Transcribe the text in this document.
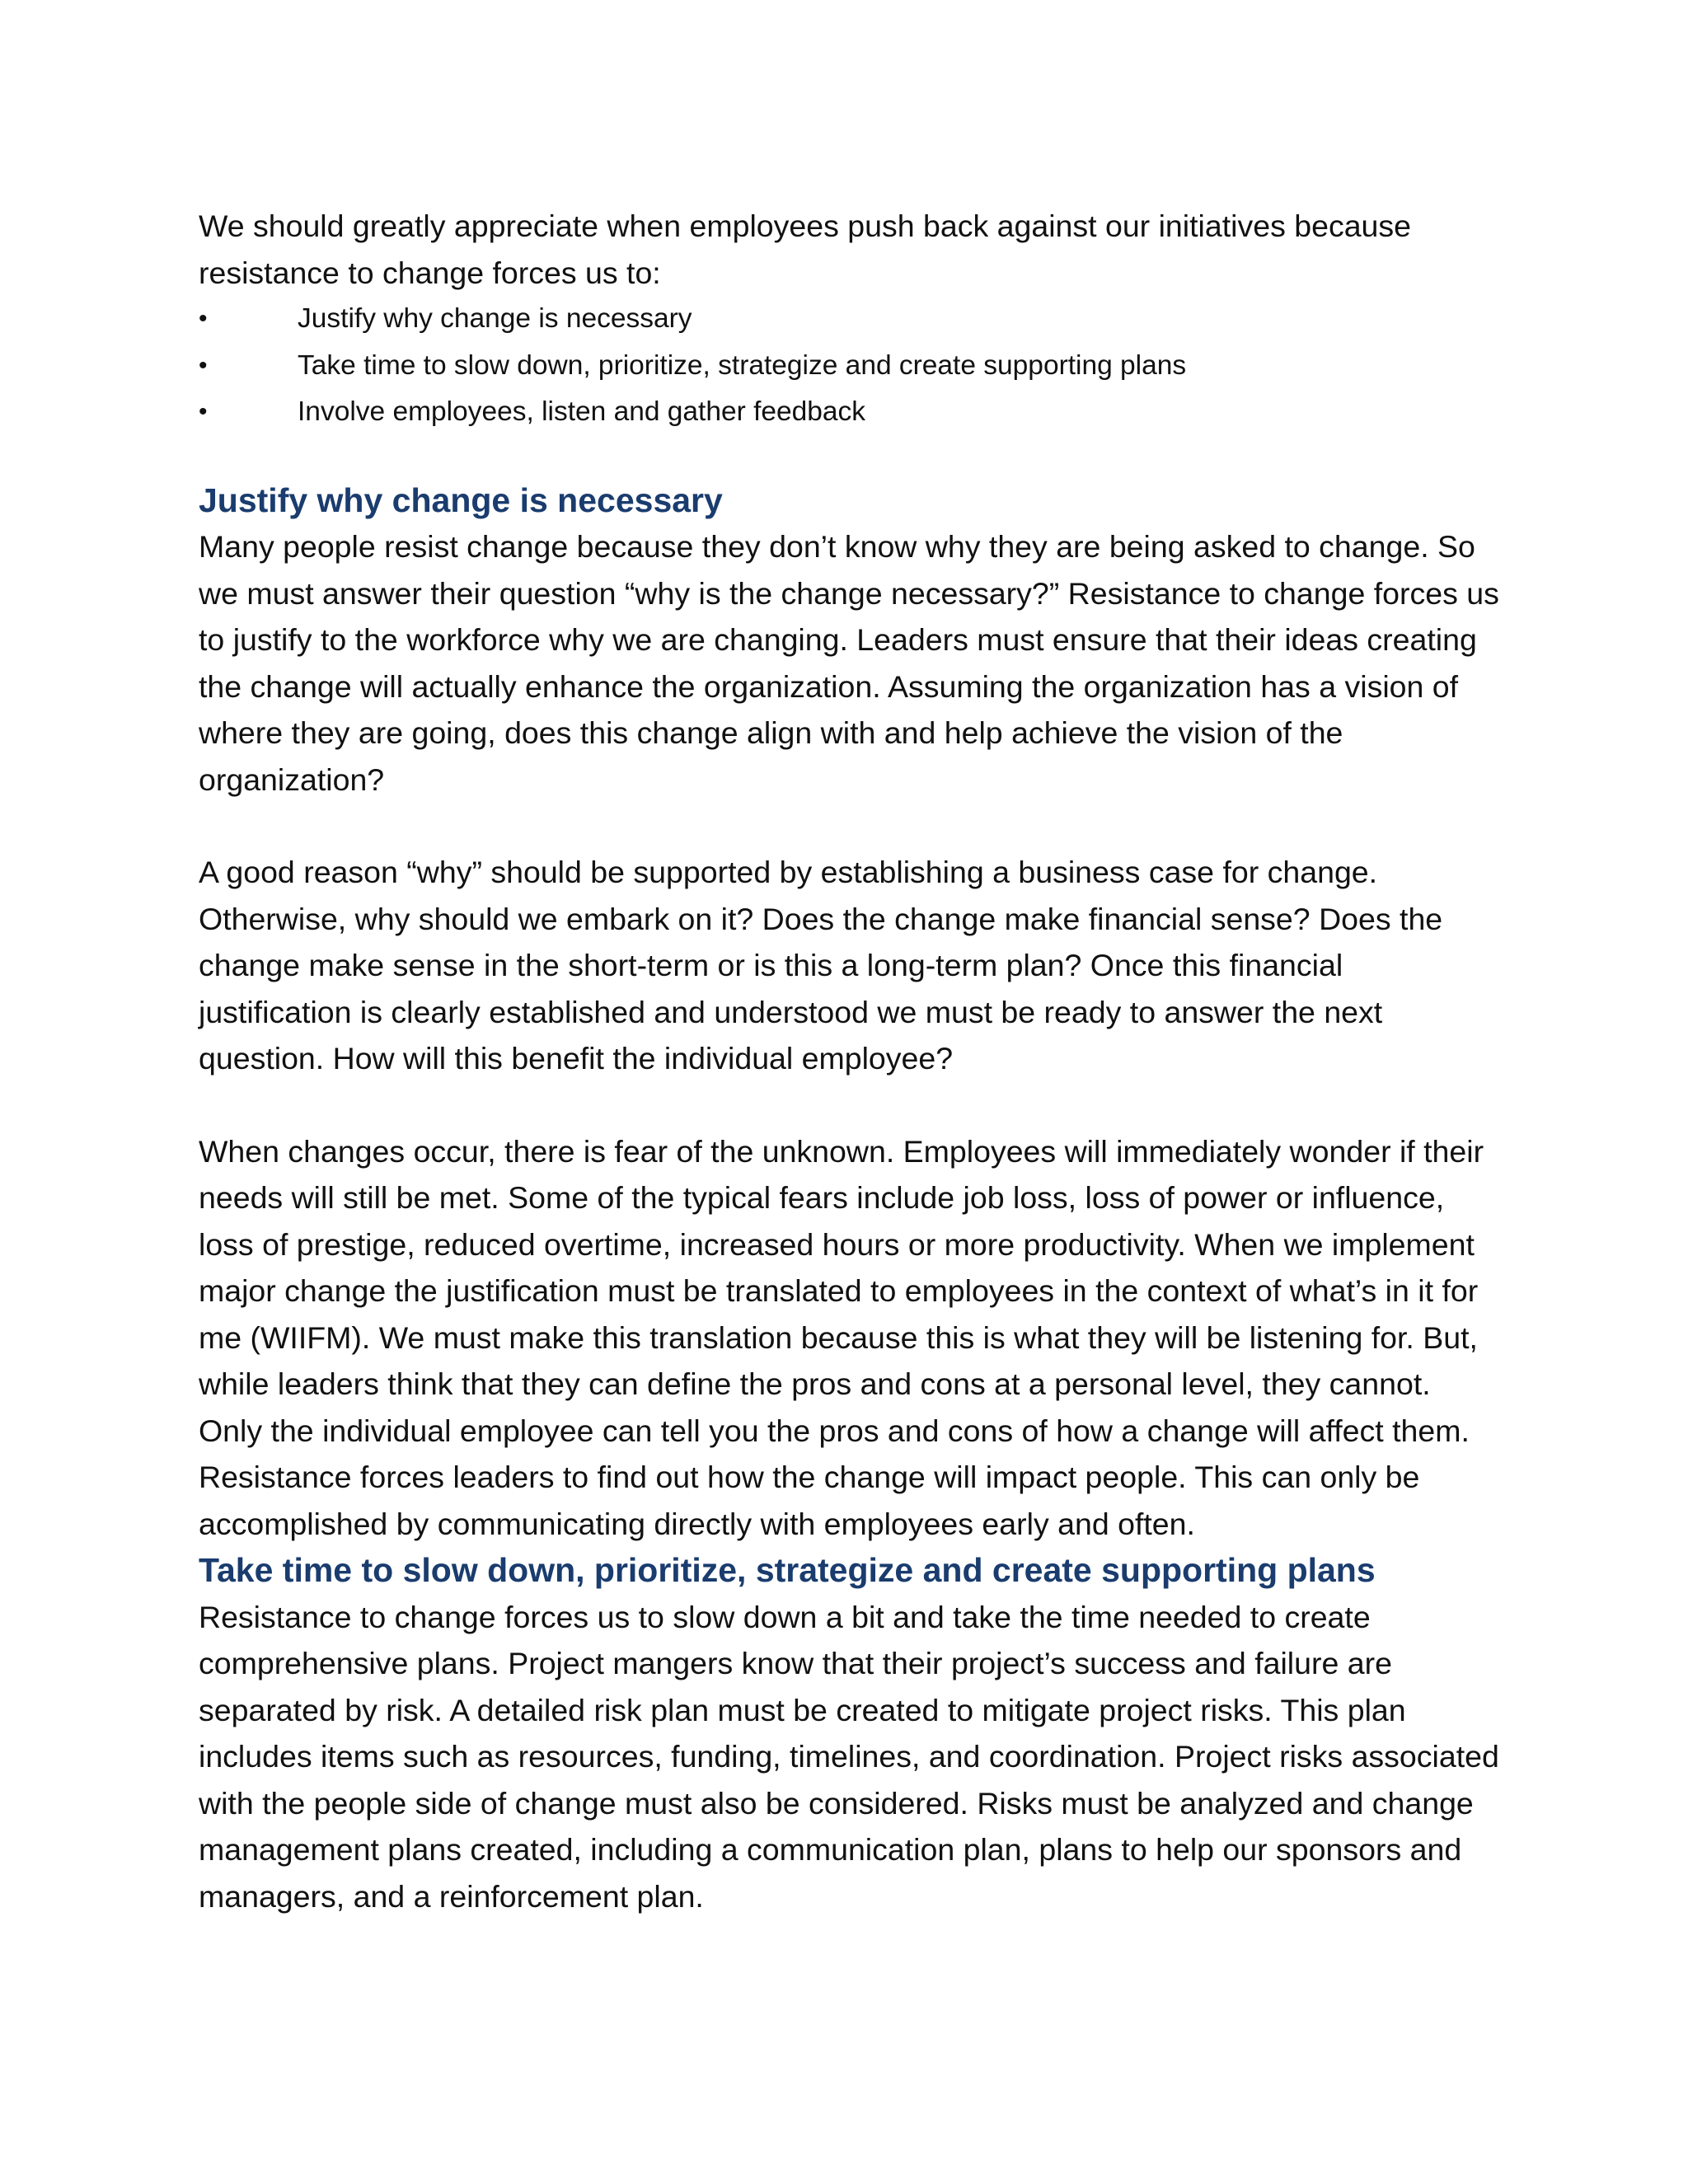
We should greatly appreciate when employees push back against our initiatives because resistance to change forces us to:

•	Justify why change is necessary
•	Take time to slow down, prioritize, strategize and create supporting plans
•	Involve employees, listen and gather feedback
Justify why change is necessary

Many people resist change because they don’t know why they are being asked to change. So we must answer their question “why is the change necessary?” Resistance to change forces us to justify to the workforce why we are changing. Leaders must ensure that their ideas creating the change will actually enhance the organization. Assuming the organization has a vision of where they are going, does this change align with and help achieve the vision of the organization?

A good reason “why” should be supported by establishing a business case for change. Otherwise, why should we embark on it? Does the change make financial sense? Does the change make sense in the short-term or is this a long-term plan? Once this financial justification is clearly established and understood we must be ready to answer the next question. How will this benefit the individual employee?

When changes occur, there is fear of the unknown. Employees will immediately wonder if their needs will still be met. Some of the typical fears include job loss, loss of power or influence, loss of prestige, reduced overtime, increased hours or more productivity. When we implement major change the justification must be translated to employees in the context of what’s in it for me (WIIFM). We must make this translation because this is what they will be listening for. But, while leaders think that they can define the pros and cons at a personal level, they cannot. Only the individual employee can tell you the pros and cons of how a change will affect them. Resistance forces leaders to find out how the change will impact people. This can only be accomplished by communicating directly with employees early and often.

Take time to slow down, prioritize, strategize and create supporting plans

Resistance to change forces us to slow down a bit and take the time needed to create comprehensive plans. Project mangers know that their project’s success and failure are separated by risk. A detailed risk plan must be created to mitigate project risks. This plan includes items such as resources, funding, timelines, and coordination. Project risks associated with the people side of change must also be considered. Risks must be analyzed and change management plans created, including a communication plan, plans to help our sponsors and managers, and a reinforcement plan.
